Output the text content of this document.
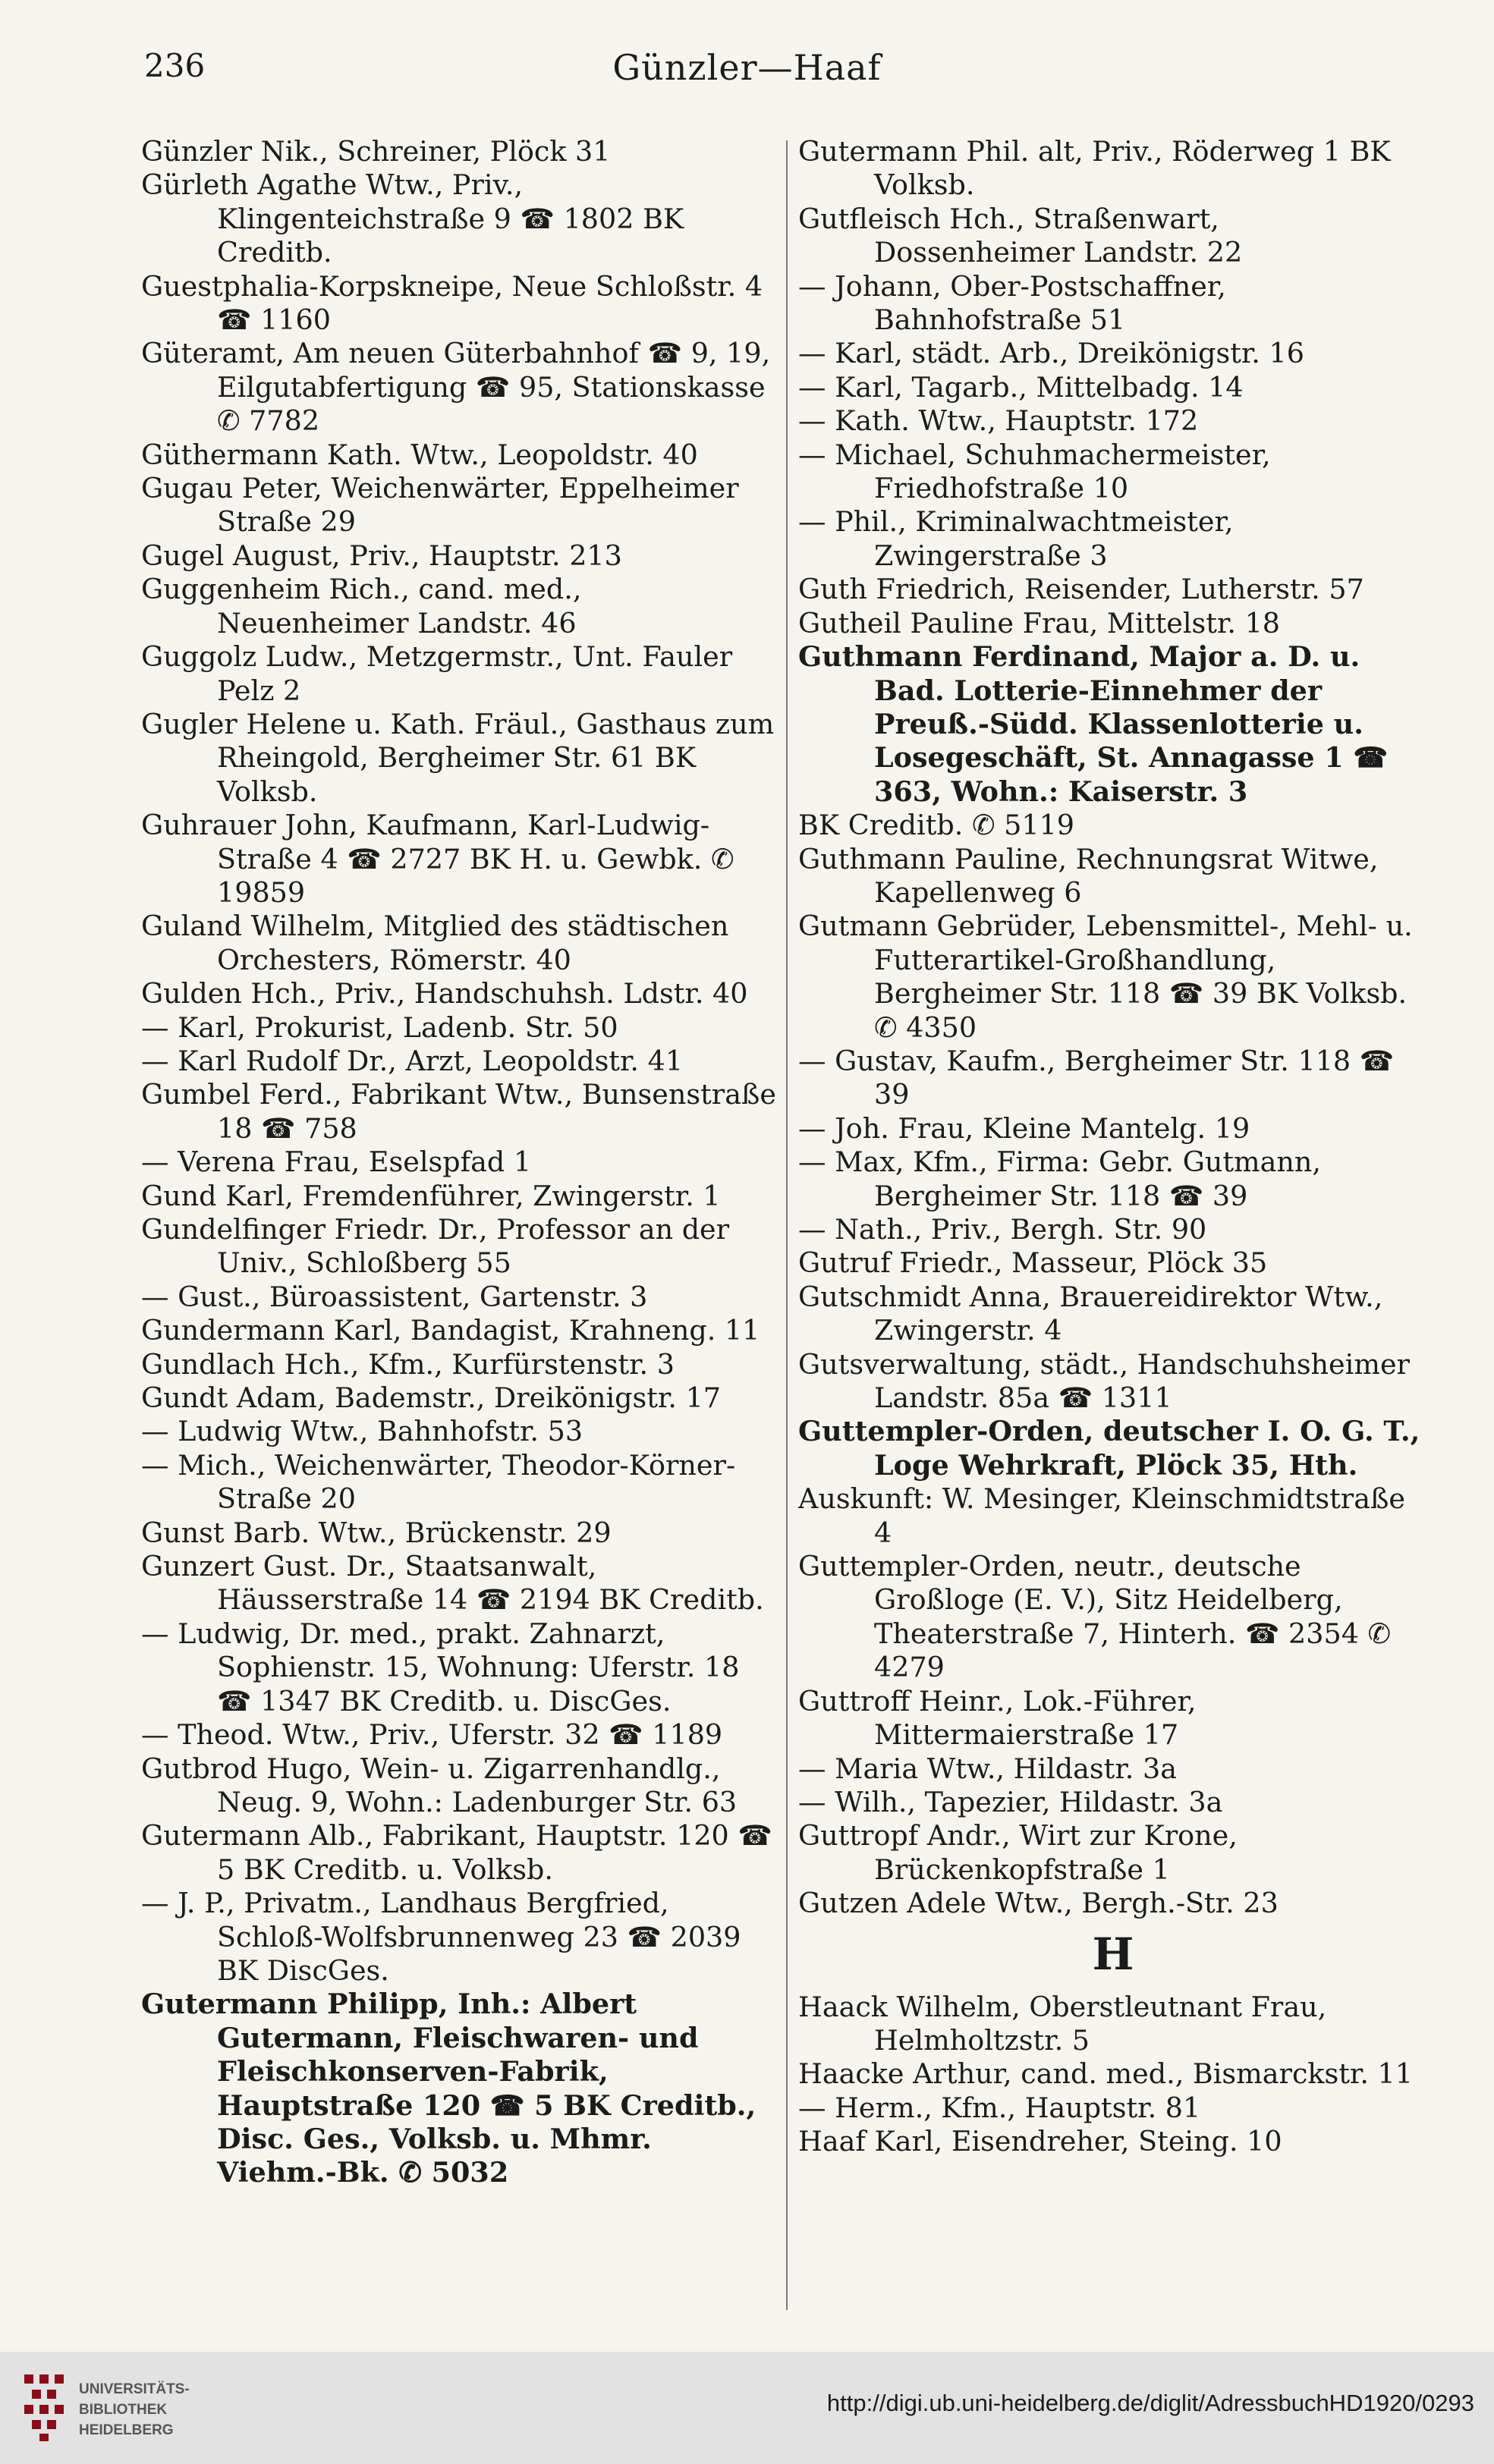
236	Günzler—Haaf
Günzler Nik., Schreiner, Plöck 31
Gürleth Agathe Wtw., Priv., Klingenteichstraße 9 ☎ 1802 BK Creditb.
Guestphalia-Korpskneipe, Neue Schloßstr. 4 ☎ 1160
Güteramt, Am neuen Güterbahnhof ☎ 9, 19, Eilgutabfertigung ☎ 95, Stationskasse ✆ 7782
Güthermann Kath. Wtw., Leopoldstr. 40
Gugau Peter, Weichenwärter, Eppelheimer Straße 29
Gugel August, Priv., Hauptstr. 213
Guggenheim Rich., cand. med., Neuenheimer Landstr. 46
Guggolz Ludw., Metzgermstr., Unt. Fauler Pelz 2
Gugler Helene u. Kath. Fräul., Gasthaus zum Rheingold, Bergheimer Str. 61 BK Volksb.
Guhrauer John, Kaufmann, Karl-Ludwig-Straße 4 ☎ 2727 BK H. u. Gewbk. ✆ 19859
Guland Wilhelm, Mitglied des städtischen Orchesters, Römerstr. 40
Gulden Hch., Priv., Handschuhsh. Ldstr. 40
— Karl, Prokurist, Ladenb. Str. 50
— Karl Rudolf Dr., Arzt, Leopoldstr. 41
Gumbel Ferd., Fabrikant Wtw., Bunsenstraße 18 ☎ 758
— Verena Frau, Eselspfad 1
Gund Karl, Fremdenführer, Zwingerstr. 1
Gundelfinger Friedr. Dr., Professor an der Univ., Schloßberg 55
— Gust., Büroassistent, Gartenstr. 3
Gundermann Karl, Bandagist, Krahneng. 11
Gundlach Hch., Kfm., Kurfürstenstr. 3
Gundt Adam, Bademstr., Dreikönigstr. 17
— Ludwig Wtw., Bahnhofstr. 53
— Mich., Weichenwärter, Theodor-Körner-Straße 20
Gunst Barb. Wtw., Brückenstr. 29
Gunzert Gust. Dr., Staatsanwalt, Häusserstraße 14 ☎ 2194 BK Creditb.
— Ludwig, Dr. med., prakt. Zahnarzt, Sophienstr. 15, Wohnung: Uferstr. 18 ☎ 1347 BK Creditb. u. DiscGes.
— Theod. Wtw., Priv., Uferstr. 32 ☎ 1189
Gutbrod Hugo, Wein- u. Zigarrenhandlg., Neug. 9, Wohn.: Ladenburger Str. 63
Gutermann Alb., Fabrikant, Hauptstr. 120 ☎ 5 BK Creditb. u. Volksb.
— J. P., Privatm., Landhaus Bergfried, Schloß-Wolfsbrunnenweg 23 ☎ 2039 BK DiscGes.
Gutermann Philipp, Inh.: Albert Gutermann, Fleischwaren- und Fleischkonserven-Fabrik, Hauptstraße 120 ☎ 5 BK Creditb., Disc. Ges., Volksb. u. Mhmr. Viehm.-Bk. ✆ 5032
Gutermann Phil. alt, Priv., Röderweg 1 BK Volksb.
Gutfleisch Hch., Straßenwart, Dossenheimer Landstr. 22
— Johann, Ober-Postschaffner, Bahnhofstraße 51
— Karl, städt. Arb., Dreikönigstr. 16
— Karl, Tagarb., Mittelbadg. 14
— Kath. Wtw., Hauptstr. 172
— Michael, Schuhmachermeister, Friedhofstraße 10
— Phil., Kriminalwachtmeister, Zwingerstraße 3
Guth Friedrich, Reisender, Lutherstr. 57
Gutheil Pauline Frau, Mittelstr. 18
Guthmann Ferdinand, Major a. D. u. Bad. Lotterie-Einnehmer der Preuß.-Südd. Klassenlotterie u. Losegeschäft, St. Annagasse 1 ☎ 363, Wohn.: Kaiserstr. 3
BK Creditb. ✆ 5119
Guthmann Pauline, Rechnungsrat Witwe, Kapellenweg 6
Gutmann Gebrüder, Lebensmittel-, Mehl- u. Futterartikel-Großhandlung, Bergheimer Str. 118 ☎ 39 BK Volksb. ✆ 4350
— Gustav, Kaufm., Bergheimer Str. 118 ☎ 39
— Joh. Frau, Kleine Mantelg. 19
— Max, Kfm., Firma: Gebr. Gutmann, Bergheimer Str. 118 ☎ 39
— Nath., Priv., Bergh. Str. 90
Gutruf Friedr., Masseur, Plöck 35
Gutschmidt Anna, Brauereidirektor Wtw., Zwingerstr. 4
Gutsverwaltung, städt., Handschuhsheimer Landstr. 85a ☎ 1311
Guttempler-Orden, deutscher I. O. G. T., Loge Wehrkraft, Plöck 35, Hth.
Auskunft: W. Mesinger, Kleinschmidtstraße 4
Guttempler-Orden, neutr., deutsche Großloge (E. V.), Sitz Heidelberg, Theaterstraße 7, Hinterh. ☎ 2354 ✆ 4279
Guttroff Heinr., Lok.-Führer, Mittermaierstraße 17
— Maria Wtw., Hildastr. 3a
— Wilh., Tapezier, Hildastr. 3a
Guttropf Andr., Wirt zur Krone, Brückenkopfstraße 1
Gutzen Adele Wtw., Bergh.-Str. 23
H
Haack Wilhelm, Oberstleutnant Frau, Helmholtzstr. 5
Haacke Arthur, cand. med., Bismarckstr. 11
— Herm., Kfm., Hauptstr. 81
Haaf Karl, Eisendreher, Steing. 10
UNIVERSITÄTS-
BIBLIOTHEK
HEIDELBERG
http://digi.ub.uni-heidelberg.de/diglit/AdressbuchHD1920/0293
